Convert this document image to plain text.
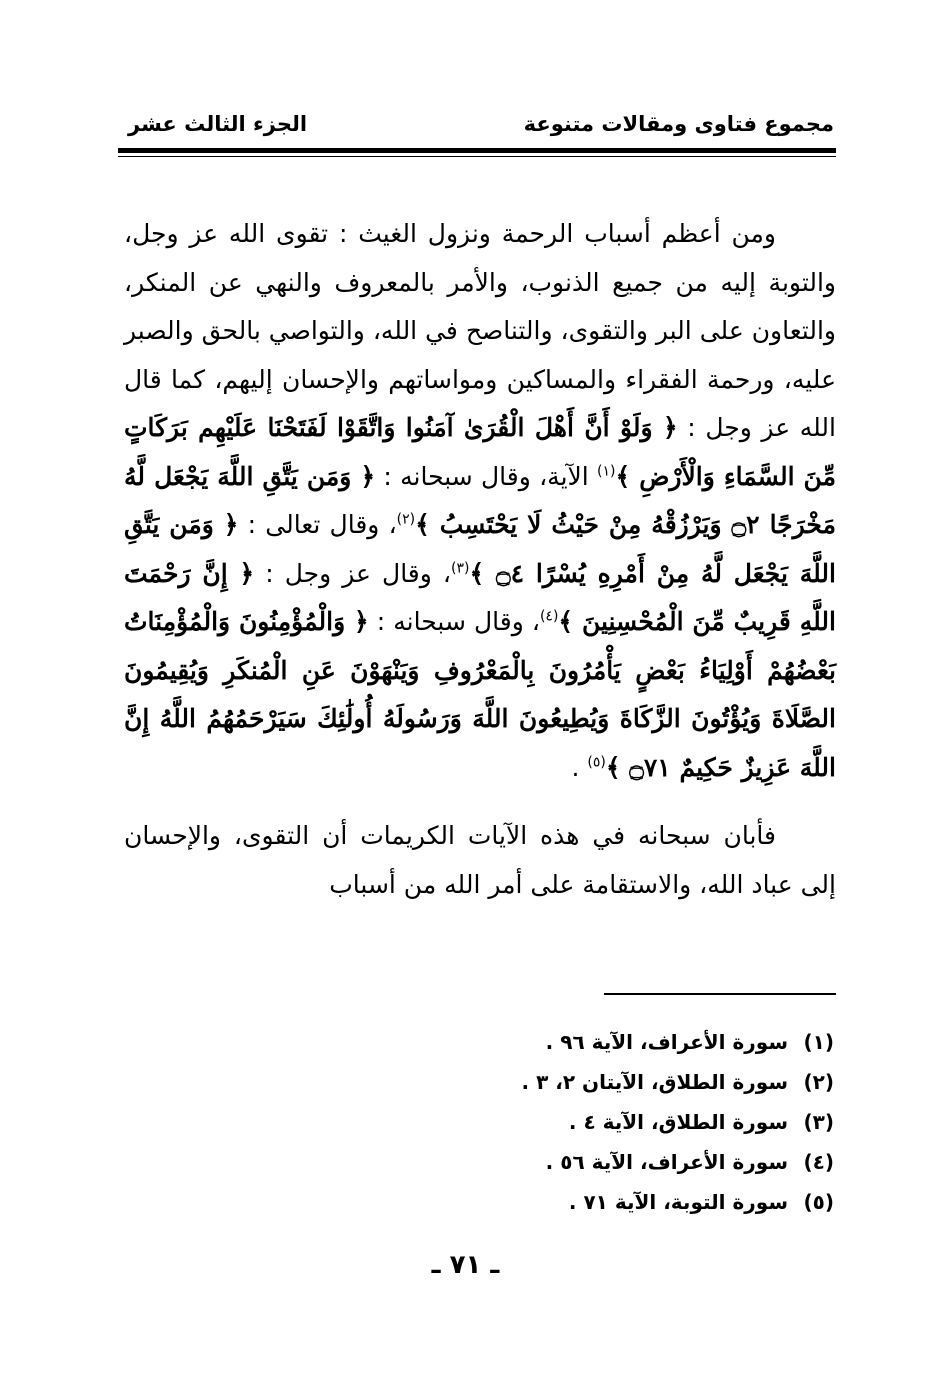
مجموع فتاوى ومقالات متنوعة
الجزء الثالث عشر

ومن أعظم أسباب الرحمة ونزول الغيث : تقوى الله عز وجل، والتوبة إليه من جميع الذنوب، والأمر بالمعروف والنهي عن المنكر، والتعاون على البر والتقوى، والتناصح في الله، والتواصي بالحق والصبر عليه، ورحمة الفقراء والمساكين ومواساتهم والإحسان إليهم، كما قال الله عز وجل : ﴿ وَلَوْ أَنَّ أَهْلَ الْقُرَىٰ آمَنُوا وَاتَّقَوْا لَفَتَحْنَا عَلَيْهِم بَرَكَاتٍ مِّنَ السَّمَاءِ وَالْأَرْضِ ﴾$^{(١)}$ الآية، وقال سبحانه : ﴿ وَمَن يَتَّقِ اللَّهَ يَجْعَل لَّهُ مَخْرَجًا ۝٢ وَيَرْزُقْهُ مِنْ حَيْثُ لَا يَحْتَسِبُ ﴾$^{(٢)}$، وقال تعالى : ﴿ وَمَن يَتَّقِ اللَّهَ يَجْعَل لَّهُ مِنْ أَمْرِهِ يُسْرًا ۝٤ ﴾$^{(٣)}$، وقال عز وجل : ﴿ إِنَّ رَحْمَتَ اللَّهِ قَرِيبٌ مِّنَ الْمُحْسِنِينَ ﴾$^{(٤)}$، وقال سبحانه : ﴿ وَالْمُؤْمِنُونَ وَالْمُؤْمِنَاتُ بَعْضُهُمْ أَوْلِيَاءُ بَعْضٍ يَأْمُرُونَ بِالْمَعْرُوفِ وَيَنْهَوْنَ عَنِ الْمُنكَرِ وَيُقِيمُونَ الصَّلَاةَ وَيُؤْتُونَ الزَّكَاةَ وَيُطِيعُونَ اللَّهَ وَرَسُولَهُ أُولَٰئِكَ سَيَرْحَمُهُمُ اللَّهُ إِنَّ اللَّهَ عَزِيزٌ حَكِيمٌ ۝٧١ ﴾$^{(٥)}$ .

فأبان سبحانه في هذه الآيات الكريمات أن التقوى، والإحسان إلى عباد الله، والاستقامة على أمر الله من أسباب

(١)
سورة الأعراف، الآية ٩٦ .
(٢)
سورة الطلاق، الآيتان ٢، ٣ .
(٣)
سورة الطلاق، الآية ٤ .
(٤)
سورة الأعراف، الآية ٥٦ .
(٥)
سورة التوبة، الآية ٧١ .
ـ ٧١ ـ
